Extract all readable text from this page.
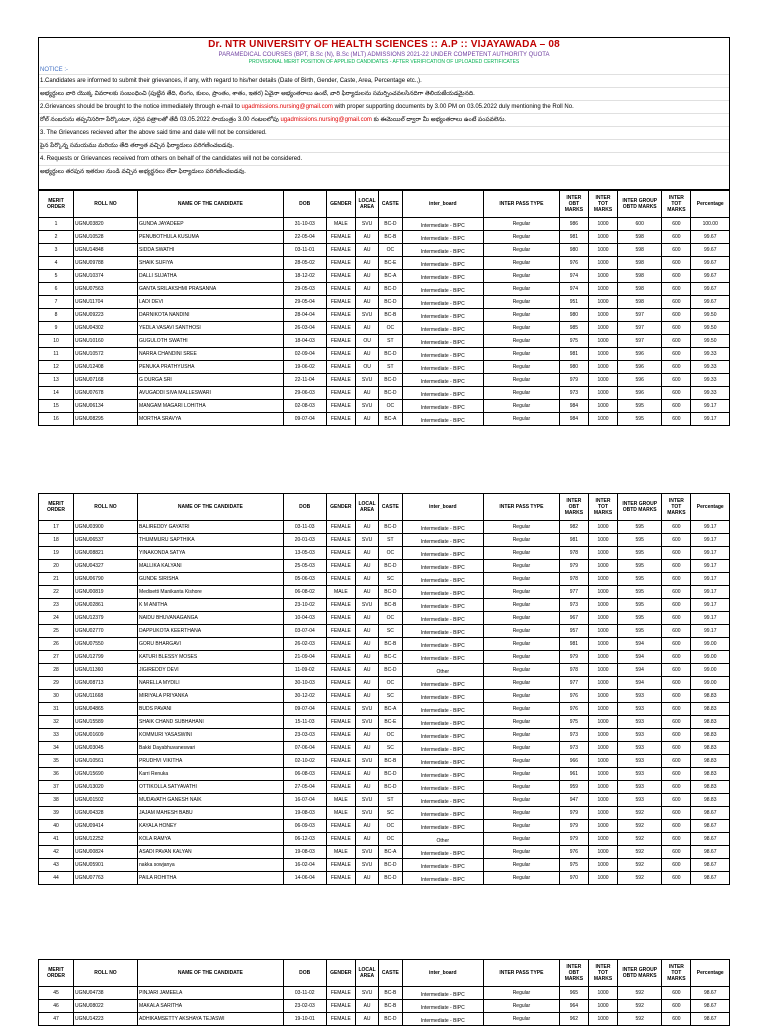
Dr. NTR UNIVERSITY OF HEALTH SCIENCES :: A.P :: VIJAYAWADA – 08
PARAMEDICAL COURSES (BPT, B.Sc (N), B.Sc (MLT) ADMISSIONS 2021-22 UNDER COMPETENT AUTHORITY QUOTA
PROVISIONAL MERIT POSITION OF APPLIED CANDIDATES - AFTER VERIFICATION OF UPLOADED CERTIFICATES
NOTICE :-
1.Candidates are informed to submit their grievances, if any, with regard to his/her details (Date of Birth, Gender, Caste, Area, Percentage etc.,).
అభ్యర్ధులు వారి యొక్క వివరాలకు సంబంధించి (పుట్టిన తేది, లింగం, కులం, ప్రాంతం, శాతం, ఇతర) ఏవైనా అభ్యంతరాలు ఉంటే, వారి ఫిర్యాదులను సమర్పించవలసినదిగా తెలియజేయడమైనది.
2.Grievances should be brought to the notice immediately through e-mail to ugadmissions.nursing@gmail.com with proper supporting documents by 3.00 PM on 03.05.2022 duly mentioning the Roll No.
రోల్ నంబరును తప్పనిసరిగా పేర్కొంటూ, సరైన పత్రాలతో తేదీ 03.05.2022 సాయంత్రం 3.00 గంటలలోపు ugadmissions.nursing@gmail.com కు ఈమెయిల్ ద్వారా మీ అభ్యంతరాలు ఉంటే పంపవలెను.
3. The Grievances recieved after the above said time and date will not be considered.
పైన పేర్కొన్న సమయము మరియు తేది తర్వాత వచ్చిన ఫిర్యాదులు పరిగణించబడవు.
4. Requests or Grievances received from others on behalf of the candidates will not be considered.
అభ్యర్ధులు తరపున ఇతరుల నుండి వచ్చిన అభ్యర్థనలు లేదా ఫిర్యాదులు పరిగణించబడవు.
MERIT ORDER	ROLL NO	NAME OF THE CANDIDATE	DOB	GENDER	LOCAL AREA	CASTE	inter_board	INTER PASS TYPE	INTER OBT MARKS	INTER TOT MARKS	INTER GROUP OBTD MARKS	INTER TOT MARKS	Percentage
1	UGNU03820	GUNDA JAYADEEP	31-10-03	MALE	SVU	BC-D	Intermediate - BIPC	Regular	986	1000	600	600	100.00
2	UGNU10528	PENUBOTHULA KUSUMA	22-05-04	FEMALE	AU	BC-B	Intermediate - BIPC	Regular	981	1000	598	600	99.67
3	UGNU14848	SIDDA SWATHI	03-11-01	FEMALE	AU	OC	Intermediate - BIPC	Regular	980	1000	598	600	99.67
4	UGNU09788	SHAIK SUFIYA	28-05-02	FEMALE	AU	BC-E	Intermediate - BIPC	Regular	976	1000	598	600	99.67
5	UGNU10374	DALLI SUJATHA	18-12-02	FEMALE	AU	BC-A	Intermediate - BIPC	Regular	974	1000	598	600	99.67
6	UGNU07563	GANTA SRILAKSHMI PRASANNA	29-05-03	FEMALE	AU	BC-D	Intermediate - BIPC	Regular	974	1000	598	600	99.67
7	UGNU11704	LADI DEVI	29-05-04	FEMALE	AU	BC-D	Intermediate - BIPC	Regular	951	1000	598	600	99.67
8	UGNU09223	DARNIKOTA NANDINI	28-04-04	FEMALE	SVU	BC-B	Intermediate - BIPC	Regular	980	1000	597	600	99.50
9	UGNU04302	YEDLA VASAVI SANTHOSI	26-03-04	FEMALE	AU	OC	Intermediate - BIPC	Regular	985	1000	597	600	99.50
10	UGNU10160	GUGULOTH SWATHI	18-04-03	FEMALE	OU	ST	Intermediate - BIPC	Regular	975	1000	597	600	99.50
11	UGNU10572	NARRA CHANDINI SREE	02-09-04	FEMALE	AU	BC-D	Intermediate - BIPC	Regular	981	1000	596	600	99.33
12	UGNU12408	PENUKA PRATHYUSHA	19-06-02	FEMALE	OU	ST	Intermediate - BIPC	Regular	980	1000	596	600	99.33
13	UGNU07168	G DURGA SRI	22-11-04	FEMALE	SVU	BC-D	Intermediate - BIPC	Regular	979	1000	596	600	99.33
14	UGNU07678	AVUGADDI SIVA MALLESWARI	29-06-03	FEMALE	AU	BC-D	Intermediate - BIPC	Regular	973	1000	596	600	99.33
15	UGNU06134	MANGAM MAGARI LOHITHA	02-08-03	FEMALE	SVU	OC	Intermediate - BIPC	Regular	984	1000	595	600	99.17
16	UGNU08295	MORTHA SRAVYA	09-07-04	FEMALE	AU	BC-A	Intermediate - BIPC	Regular	984	1000	595	600	99.17
MERIT ORDER	ROLL NO	NAME OF THE CANDIDATE	DOB	GENDER	LOCAL AREA	CASTE	inter_board	INTER PASS TYPE	INTER OBT MARKS	INTER TOT MARKS	INTER GROUP OBTD MARKS	INTER TOT MARKS	Percentage
17	UGNU03900	BALIREDDY GAYATRI	03-11-03	FEMALE	AU	BC-D	Intermediate - BIPC	Regular	982	1000	595	600	99.17
18	UGNU06537	THUMMURU SAPTHIKA	20-01-03	FEMALE	SVU	ST	Intermediate - BIPC	Regular	981	1000	595	600	99.17
19	UGNU08821	YINAKONDA SATYA	13-05-03	FEMALE	AU	OC	Intermediate - BIPC	Regular	978	1000	595	600	99.17
20	UGNU04327	MALLIKA KALYANI	25-05-03	FEMALE	AU	BC-D	Intermediate - BIPC	Regular	979	1000	595	600	99.17
21	UGNU06790	GUNDE SIRISHA	05-06-03	FEMALE	AU	SC	Intermediate - BIPC	Regular	978	1000	595	600	99.17
22	UGNU00819	Medisetti Manikanta Kishore	06-08-02	MALE	AU	BC-D	Intermediate - BIPC	Regular	977	1000	595	600	99.17
23	UGNU02861	K M ANITHA	23-10-02	FEMALE	SVU	BC-B	Intermediate - BIPC	Regular	973	1000	595	600	99.17
24	UGNU12379	NAIDU BHUVANAGANGA	10-04-03	FEMALE	AU	OC	Intermediate - BIPC	Regular	967	1000	595	600	99.17
25	UGNU02770	DAPPUKOTA KEERTHANA	03-07-04	FEMALE	AU	SC	Intermediate - BIPC	Regular	957	1000	595	600	99.17
26	UGNU07550	GORU BHARGAVI	26-02-03	FEMALE	AU	BC-B	Intermediate - BIPC	Regular	981	1000	594	600	99.00
27	UGNU12799	KATURI BLESSY MOSES	21-09-04	FEMALE	AU	BC-C	Intermediate - BIPC	Regular	979	1000	594	600	99.00
28	UGNU11360	JIGIREDDY DEVI	11-09-02	FEMALE	AU	BC-D	Other	Regular	978	1000	594	600	99.00
29	UGNU08713	NARELLA MYDILI	30-10-03	FEMALE	AU	OC	Intermediate - BIPC	Regular	977	1000	594	600	99.00
30	UGNU11668	MIRIYALA PRIYANKA	30-12-02	FEMALE	AU	SC	Intermediate - BIPC	Regular	976	1000	593	600	98.83
31	UGNU04865	BUDS PAVANI	09-07-04	FEMALE	SVU	BC-A	Intermediate - BIPC	Regular	976	1000	593	600	98.83
32	UGNU15589	SHAIK CHAND SUBHAHANI	15-11-03	FEMALE	SVU	BC-E	Intermediate - BIPC	Regular	975	1000	593	600	98.83
33	UGNU01609	KOMMURI YASASWINI	23-03-03	FEMALE	AU	OC	Intermediate - BIPC	Regular	973	1000	593	600	98.83
34	UGNU03045	Bakki Dayabhuvaneswari	07-06-04	FEMALE	AU	SC	Intermediate - BIPC	Regular	973	1000	593	600	98.83
35	UGNU10561	PRUDHVI VIKITHA	02-10-02	FEMALE	SVU	BC-B	Intermediate - BIPC	Regular	966	1000	593	600	98.83
36	UGNU15690	Karri Renuka	06-08-03	FEMALE	AU	BC-D	Intermediate - BIPC	Regular	961	1000	593	600	98.83
37	UGNU13020	OTTIKOLLA SATYAVATHI	27-05-04	FEMALE	AU	BC-D	Intermediate - BIPC	Regular	959	1000	593	600	98.83
38	UGNU01502	MUDAVATH GANESH NAIK	16-07-04	MALE	SVU	ST	Intermediate - BIPC	Regular	947	1000	593	600	98.83
39	UGNU04328	JAJAM MAHESH BABU	19-08-03	MALE	SVU	SC	Intermediate - BIPC	Regular	979	1000	592	600	98.67
40	UGNU09414	KAYALA HONEY	06-09-03	FEMALE	AU	OC	Intermediate - BIPC	Regular	979	1000	592	600	98.67
41	UGNU12252	KOLA RAMYA	06-12-03	FEMALE	AU	OC	Other	Regular	979	1000	592	600	98.67
42	UGNU00824	ASADI PAVAN KALYAN	19-08-03	MALE	SVU	BC-A	Intermediate - BIPC	Regular	976	1000	592	600	98.67
43	UGNU05901	nakka sowjanya	16-02-04	FEMALE	SVU	BC-D	Intermediate - BIPC	Regular	975	1000	592	600	98.67
44	UGNU07763	PAILA ROHITHA	14-06-04	FEMALE	AU	BC-D	Intermediate - BIPC	Regular	970	1000	592	600	98.67
MERIT ORDER	ROLL NO	NAME OF THE CANDIDATE	DOB	GENDER	LOCAL AREA	CASTE	inter_board	INTER PASS TYPE	INTER OBT MARKS	INTER TOT MARKS	INTER GROUP OBTD MARKS	INTER TOT MARKS	Percentage
45	UGNU04738	PINJARI JAMEELA	03-11-02	FEMALE	SVU	BC-B	Intermediate - BIPC	Regular	965	1000	592	600	98.67
46	UGNU08022	MAKALA SARITHA	23-02-03	FEMALE	AU	BC-B	Intermediate - BIPC	Regular	964	1000	592	600	98.67
47	UGNU14223	ADHIKAMSETTY AKSHAYA TEJASWI	19-10-01	FEMALE	AU	BC-D	Intermediate - BIPC	Regular	962	1000	592	600	98.67
